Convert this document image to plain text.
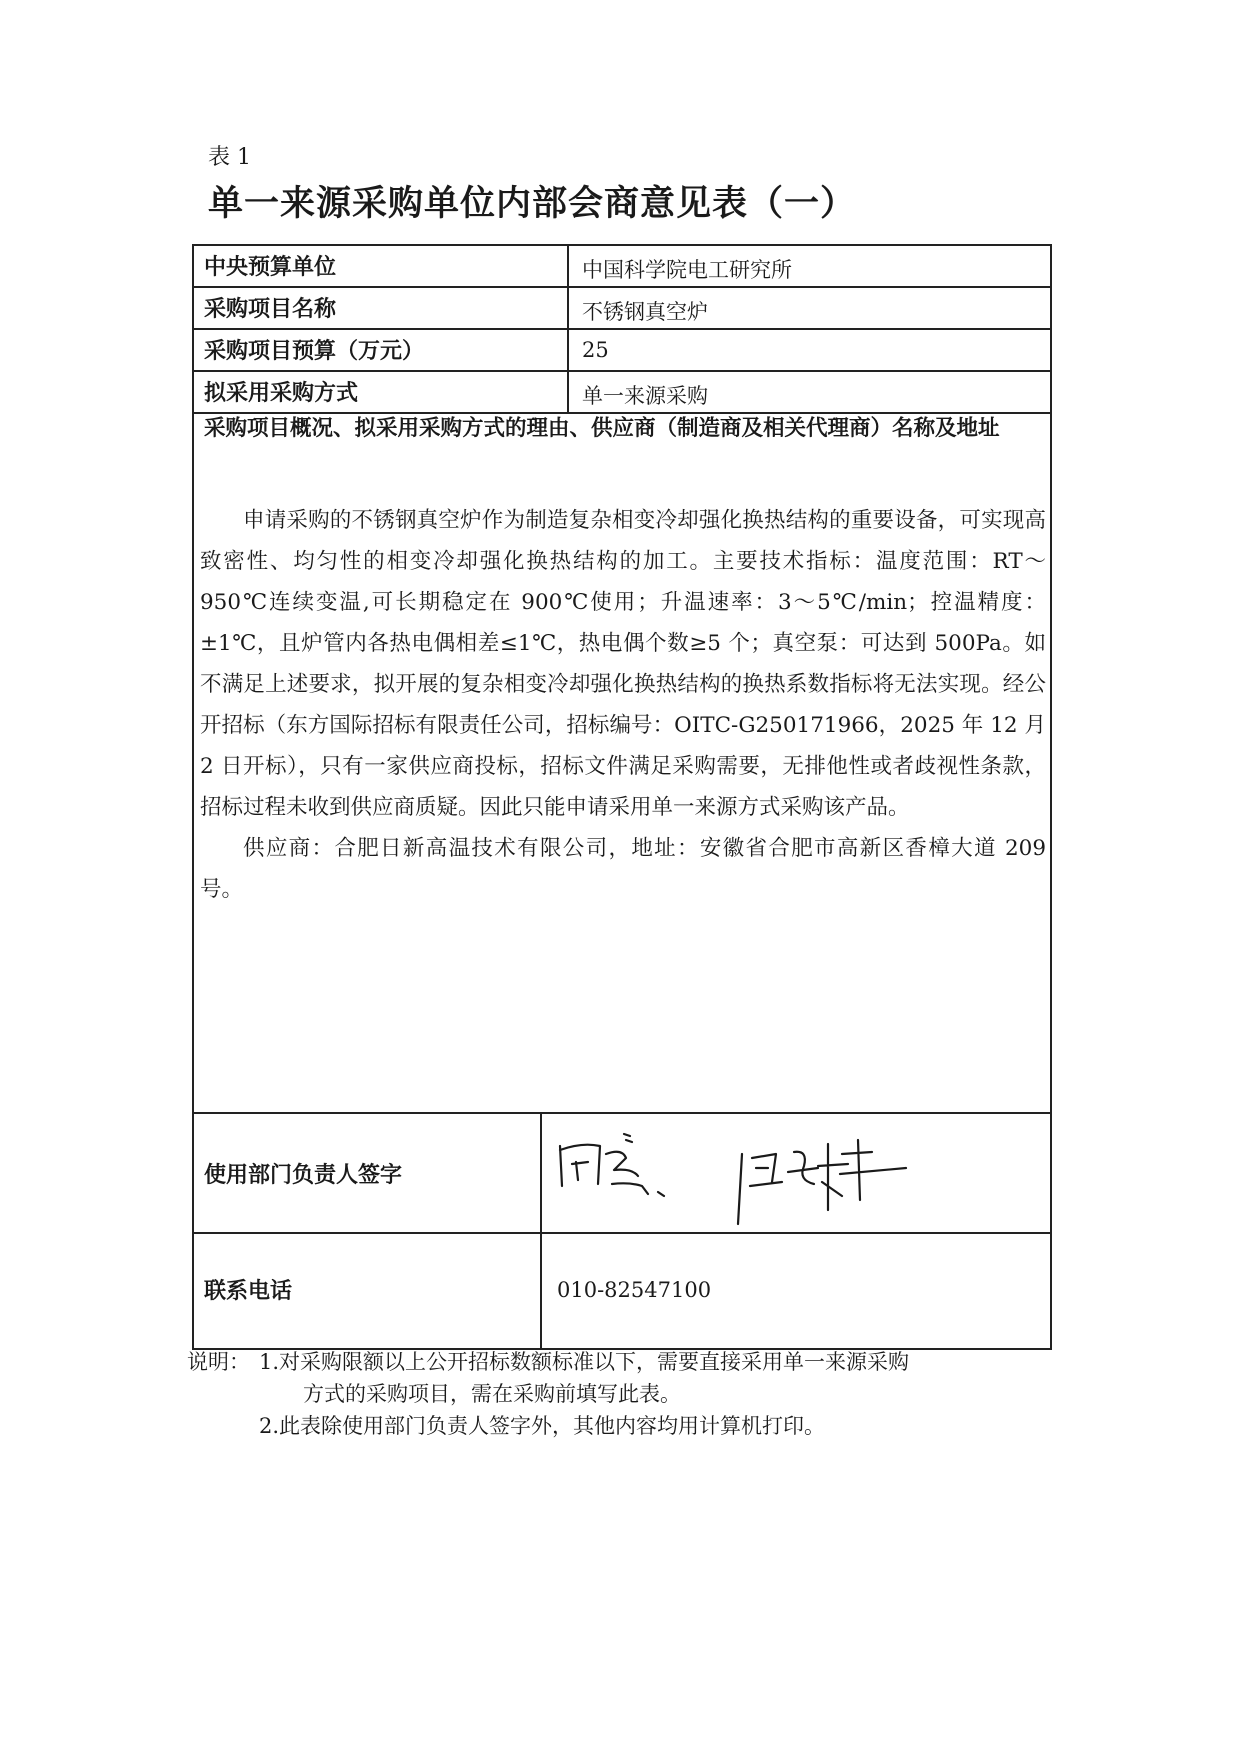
表 1
单一来源采购单位内部会商意见表（一）
中央预算单位	中国科学院电工研究所
采购项目名称	不锈钢真空炉
采购项目预算（万元）	25
拟采用采购方式	单一来源采购
采购项目概况、拟采用采购方式的理由、供应商（制造商及相关代理商）名称及地址

申请采购的不锈钢真空炉作为制造复杂相变冷却强化换热结构的重要设备，可实现高致密性、均匀性的相变冷却强化换热结构的加工。主要技术指标：温度范围：RT～950℃连续变温,可长期稳定在 900℃使用；升温速率：3～5℃/min；控温精度：±1℃，且炉管内各热电偶相差≤1℃，热电偶个数≥5 个；真空泵：可达到 500Pa。如不满足上述要求，拟开展的复杂相变冷却强化换热结构的换热系数指标将无法实现。经公开招标（东方国际招标有限责任公司，招标编号：OITC-G250171966，2025 年 12 月 2 日开标），只有一家供应商投标，招标文件满足采购需要，无排他性或者歧视性条款，招标过程未收到供应商质疑。因此只能申请采用单一来源方式采购该产品。

供应商：合肥日新高温技术有限公司，地址：安徽省合肥市高新区香樟大道 209 号。

使用部门负责人签字
联系电话	010-82547100
说明： 1.对采购限额以上公开招标数额标准以下，需要直接采用单一来源采购
方式的采购项目，需在采购前填写此表。
2.此表除使用部门负责人签字外，其他内容均用计算机打印。
